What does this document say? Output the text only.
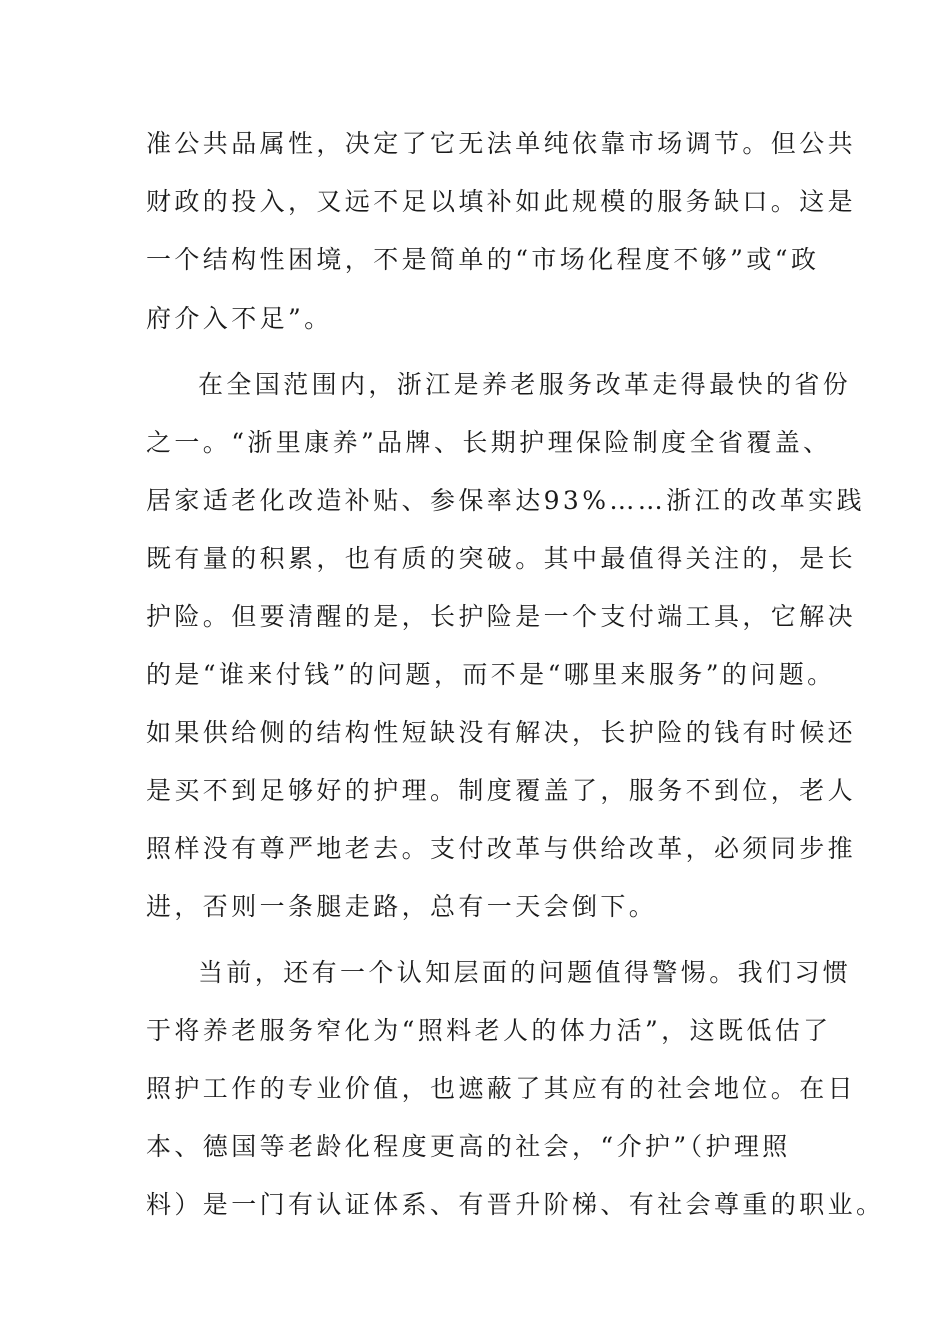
准公共品属性，决定了它无法单纯依靠市场调节。但公共
财政的投入，又远不足以填补如此规模的服务缺口。这是
一个结构性困境，不是简单的“市场化程度不够”或“政
府介入不足”。
在全国范围内，浙江是养老服务改革走得最快的省份
之一。“浙里康养”品牌、长期护理保险制度全省覆盖、
居家适老化改造补贴、参保率达93%……浙江的改革实践
既有量的积累，也有质的突破。其中最值得关注的，是长
护险。但要清醒的是，长护险是一个支付端工具，它解决
的是“谁来付钱”的问题，而不是“哪里来服务”的问题。
如果供给侧的结构性短缺没有解决，长护险的钱有时候还
是买不到足够好的护理。制度覆盖了，服务不到位，老人
照样没有尊严地老去。支付改革与供给改革，必须同步推
进，否则一条腿走路，总有一天会倒下。
当前，还有一个认知层面的问题值得警惕。我们习惯
于将养老服务窄化为“照料老人的体力活”，这既低估了
照护工作的专业价值，也遮蔽了其应有的社会地位。在日
本、德国等老龄化程度更高的社会，“介护”（护理照
料）是一门有认证体系、有晋升阶梯、有社会尊重的职业。
